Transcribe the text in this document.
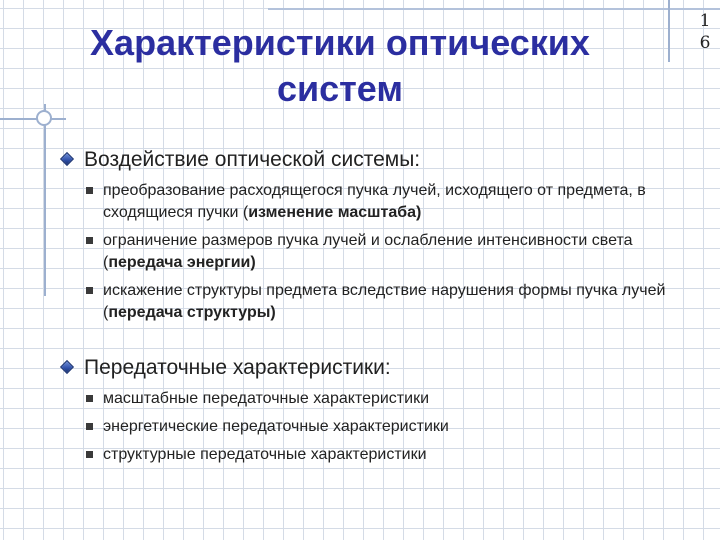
1
6
Характеристики оптических
систем
Воздействие оптической системы:
преобразование расходящегося пучка лучей, исходящего от предмета, в сходящиеся пучки (изменение масштаба)
ограничение размеров пучка лучей и ослабление интенсивности света (передача энергии)
искажение структуры предмета вследствие нарушения формы пучка лучей (передача структуры)
Передаточные характеристики:
масштабные передаточные характеристики
энергетические передаточные характеристики
структурные передаточные характеристики
